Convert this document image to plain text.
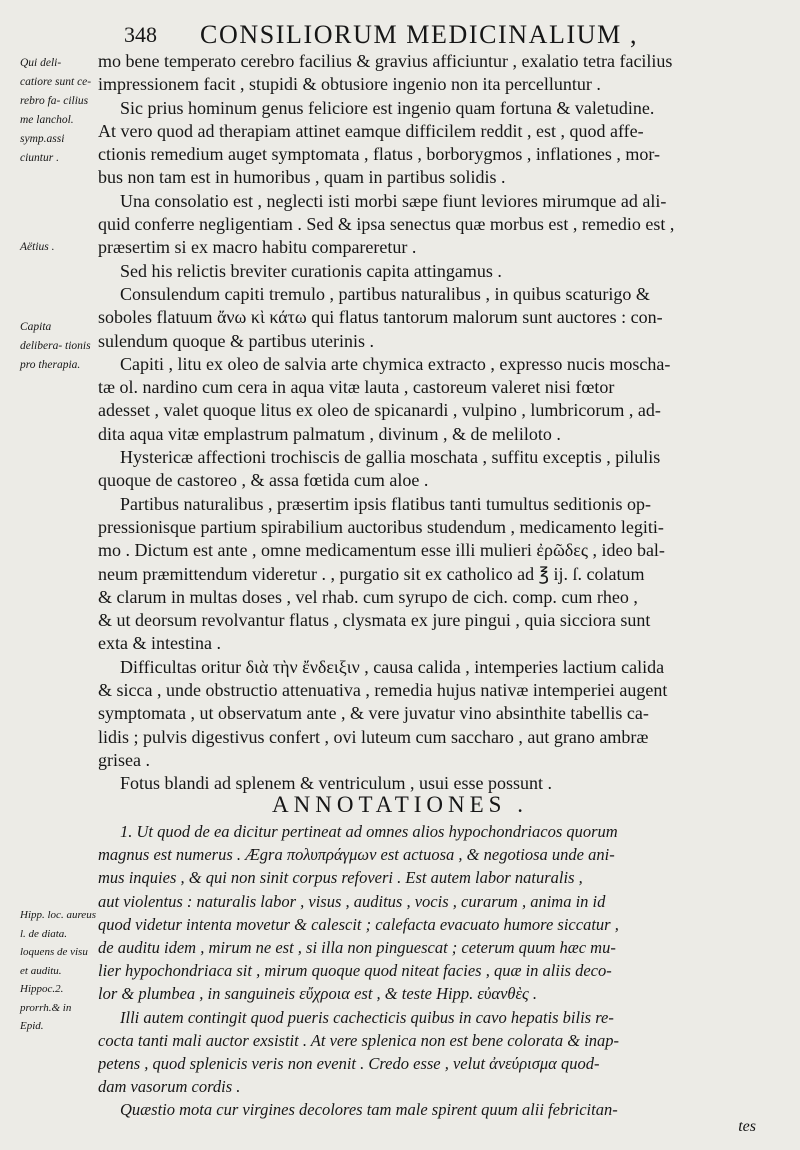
348 CONSILIORUM MEDICINALIUM ,
Qui deli- catiore sunt ce- rebro fa- cilius me lanchol. symp.assi ciuntur .
Aëtius .
Capita delibera- tionis pro therapia.
Hipp. loc. aureus l. de diata. loquens de visu et auditu. Hippoc.2. prorrh.& in Epid.
mo bene temperato cerebro facilius & gravius afficiuntur , exalatio tetra facilius
impressionem facit , stupidi & obtusiore ingenio non ita percelluntur .
Sic prius hominum genus feliciore est ingenio quam fortuna & valetudine.
At vero quod ad therapiam attinet eamque difficilem reddit , est , quod affe-
ctionis remedium auget symptomata , flatus , borborygmos , inflationes , mor-
bus non tam est in humoribus , quam in partibus solidis .
Una consolatio est , neglecti isti morbi sæpe fiunt leviores mirumque ad ali-
quid conferre negligentiam . Sed & ipsa senectus quæ morbus est , remedio est ,
præsertim si ex macro habitu compareretur .
Sed his relictis breviter curationis capita attingamus .
Consulendum capiti tremulo , partibus naturalibus , in quibus scaturigo &
soboles flatuum ἄνω κὶ κάτω qui flatus tantorum malorum sunt auctores : con-
sulendum quoque & partibus uterinis .
Capiti , litu ex oleo de salvia arte chymica extracto , expresso nucis moscha-
tæ ol. nardino cum cera in aqua vitæ lauta , castoreum valeret nisi fœtor
adesset , valet quoque litus ex oleo de spicanardi , vulpino , lumbricorum , ad-
dita aqua vitæ emplastrum palmatum , divinum , & de meliloto .
Hystericæ affectioni trochiscis de gallia moschata , suffitu exceptis , pilulis
quoque de castoreo , & assa fœtida cum aloe .
Partibus naturalibus , præsertim ipsis flatibus tanti tumultus seditionis op-
pressionisque partium spirabilium auctoribus studendum , medicamento legiti-
mo . Dictum est ante , omne medicamentum esse illi mulieri ἐρῶδες , ideo bal-
neum præmittendum videretur . , purgatio sit ex catholico ad ℥ ij. ſ. colatum
& clarum in multas doses , vel rhab. cum syrupo de cich. comp. cum rheo ,
& ut deorsum revolvantur flatus , clysmata ex jure pingui , quia sicciora sunt
exta & intestina .
Difficultas oritur διὰ τὴν ἔνδειξιν , causa calida , intemperies lactium calida
& sicca , unde obstructio attenuativa , remedia hujus nativæ intemperiei augent
symptomata , ut observatum ante , & vere juvatur vino absinthite tabellis ca-
lidis ; pulvis digestivus confert , ovi luteum cum saccharo , aut grano ambræ
grisea .
Fotus blandi ad splenem & ventriculum , usui esse possunt .
ANNOTATIONES .
1. Ut quod de ea dicitur pertineat ad omnes alios hypochondriacos quorum
magnus est numerus . Ægra πολυπράγμων est actuosa , & negotiosa unde ani-
mus inquies , & qui non sinit corpus refoveri . Est autem labor naturalis ,
aut violentus : naturalis labor , visus , auditus , vocis , curarum , anima in id
quod videtur intenta movetur & calescit ; calefacta evacuato humore siccatur ,
de auditu idem , mirum ne est , si illa non pinguescat ; ceterum quum hæc mu-
lier hypochondriaca sit , mirum quoque quod niteat facies , quæ in aliis deco-
lor & plumbea , in sanguineis εὔχροια est , & teste Hipp. εὐανθὲς .
Illi autem contingit quod pueris cachecticis quibus in cavo hepatis bilis re-
cocta tanti mali auctor exsistit . At vere splenica non est bene colorata & inap-
petens , quod splenicis veris non evenit . Credo esse , velut ἀνεύρισμα quod-
dam vasorum cordis .
Quæstio mota cur virgines decolores tam male spirent quum alii febricitan-
tes
